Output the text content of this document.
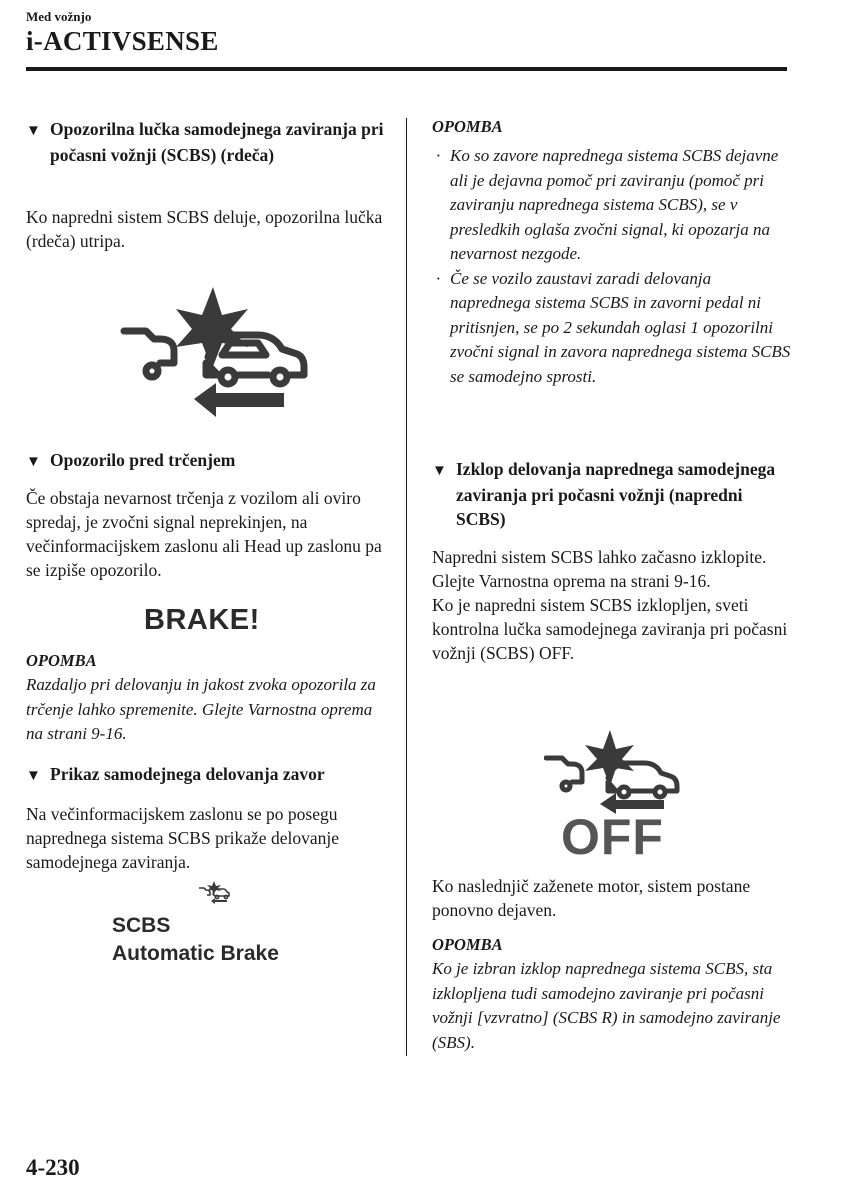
Med vožnjo
i-ACTIVSENSE

▼ Opozorilna lučka samodejnega zaviranja pri počasni vožnji (SCBS) (rdeča)

Ko napredni sistem SCBS deluje, opozorilna lučka (rdeča) utripa.

▼ Opozorilo pred trčenjem

Če obstaja nevarnost trčenja z vozilom ali oviro spredaj, je zvočni signal neprekinjen, na večinformacijskem zaslonu ali Head up zaslonu pa se izpiše opozorilo.

BRAKE!
OPOMBA

Razdaljo pri delovanju in jakost zvoka opozorila za trčenje lahko spremenite. Glejte Varnostna oprema na strani 9-16.

▼ Prikaz samodejnega delovanja zavor

Na večinformacijskem zaslonu se po posegu naprednega sistema SCBS prikaže delovanje samodejnega zaviranja.

SCBS
Automatic Brake
OPOMBA
· Ko so zavore naprednega sistema SCBS dejavne ali je dejavna pomoč pri zaviranju (pomoč pri zaviranju naprednega sistema SCBS), se v presledkih oglaša zvočni signal, ki opozarja na nevarnost nezgode.
· Če se vozilo zaustavi zaradi delovanja naprednega sistema SCBS in zavorni pedal ni pritisnjen, se po 2 sekundah oglasi 1 opozorilni zvočni signal in zavora naprednega sistema SCBS se samodejno sprosti.

▼ Izklop delovanja naprednega samodejnega zaviranja pri počasni vožnji (napredni SCBS)

Napredni sistem SCBS lahko začasno izklopite.

Glejte Varnostna oprema na strani 9-16.

Ko je napredni sistem SCBS izklopljen, sveti kontrolna lučka samodejnega zaviranja pri počasni vožnji (SCBS) OFF.

OFF

Ko naslednjič zaženete motor, sistem postane ponovno dejaven.

OPOMBA

Ko je izbran izklop naprednega sistema SCBS, sta izklopljena tudi samodejno zaviranje pri počasni vožnji [vzvratno] (SCBS R) in samodejno zaviranje (SBS).

4-230
